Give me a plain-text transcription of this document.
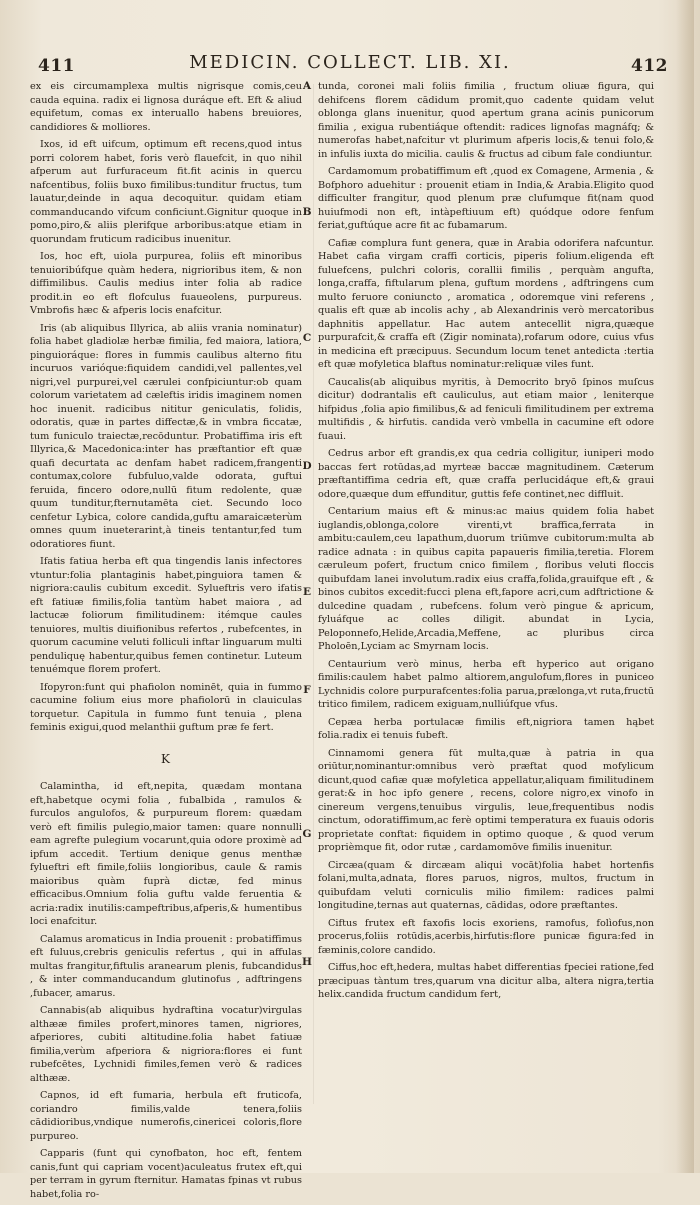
411	MEDICIN. COLLECT. LIB. XI.	412

ex eis circumamplexa multis nigrisque comis,ceu cauda equina. radix ei lignosa duráque eft. Eft & aliud equifetum, comas ex interuallo habens breuiores, candidiores & molliores.

Ixos, id eft uifcum, optimum eft recens,quod intus porri colorem habet, foris verò flauefcit, in quo nihil afperum aut furfuraceum fit.fit acinis in quercu nafcentibus, foliis buxo fimilibus:tunditur fructus, tum lauatur,deinde in aqua decoquitur. quidam etiam commanducando vifcum conficiunt.Gignitur quoque in pomo,piro,& aliis plerifque arboribus:atque etiam in quorundam fruticum radicibus inuenitur.

Ios, hoc eft, uiola purpurea, foliis eft minoribus tenuioribúfque quàm hedera, nigrioribus item, & non diffimilibus. Caulis medius inter folia ab radice prodit.in eo eft flofculus fuaueolens, purpureus. Vmbrofis hæc & afperis locis enafcitur.

Iris (ab aliquibus Illyrica, ab aliis vrania nominatur) folia habet gladiolæ herbæ fimilia, fed maiora, latiora, pinguioráque: flores in fummis caulibus alterno fitu incuruos varióque:fiquidem candidi,vel pallentes,vel nigri,vel purpurei,vel cærulei confpiciuntur:ob quam colorum varietatem ad cæleftis iridis imaginem nomen hoc inuenit. radicibus nititur geniculatis, folidis, odoratis, quæ in partes diffectæ,& in vmbra ficcatæ, tum funiculo traiectæ,recōduntur. Probatiffima iris eft Illyrica,& Macedonica:inter has præftantior eft quæ quafi decurtata ac denfam habet radicem,frangenti contumax,colore fubfuluo,valde odorata, guftui feruida, fincero odore,nullū fitum redolente, quæ quum tunditur,fternutamēta ciet. Secundo loco cenfetur Lybica, colore candida,guftu amaraicæterùm omnes quum inueterarint,à tineis tentantur,fed tum odoratiores fiunt.

Ifatis fatiua herba eft qua tingendis lanis infectores vtuntur:folia plantaginis habet,pinguiora tamen & nigriora:caulis cubitum excedit. Sylueftris vero ifatis eft fatiuæ fimilis,folia tantùm habet maiora , ad lactucæ foliorum fimilitudinem: itémque caules tenuiores, multis diuifionibus refertos , rubefcentes, in quorum cacumine veluti folliculi inftar linguarum multi penduliquę habentur,quibus femen continetur. Luteum tenuémque florem profert.

Ifopyron:funt qui phafiolon nominēt, quia in fummo cacumine folium eius more phafiolorū in clauiculas torquetur. Capitula in fummo funt tenuia , plena feminis exigui,quod melanthii guftum præ fe fert.

K

Calamintha, id eft,nepita, quædam montana eft,habetque ocymi folia , fubalbida , ramulos & furculos angulofos, & purpureum florem: quædam verò eft fimilis pulegio,maior tamen: quare nonnulli eam agrefte pulegium vocarunt,quia odore proximè ad ipfum accedit. Tertium denique genus menthæ fylueftri eft fimile,foliis longioribus, caule & ramis maioribus quàm fuprà dictæ, fed minus efficacibus.Omnium folia guftu valde feruentia & acria:radix inutilis:campeftribus,afperis,& humentibus loci enafcitur.

Calamus aromaticus in India prouenit : probatiffimus eft fuluus,crebris geniculis refertus , qui in affulas multas frangitur,fiftulis aranearum plenis, fubcandidus , & inter commanducandum glutinofus , adftringens ,fubacer, amarus.

Cannabis(ab aliquibus hydraftina vocatur)virgulas althææ fimiles profert,minores tamen, nigriores, afperiores, cubiti altitudine.folia habet fatiuæ fimilia,verùm afperiora & nigriora:flores ei funt rubefcētes, Lychnidi fimiles,femen verò & radices althææ.

Capnos, id eft fumaria, herbula eft fruticofa, coriandro fimilis,valde tenera,foliis cādidioribus,vndique numerofis,cinericei coloris,flore purpureo.

Capparis (funt qui cynofbaton, hoc eft, fentem canis,funt qui capriam vocent)aculeatus frutex eft,qui per terram in gyrum fternitur. Hamatas fpinas vt rubus habet,folia ro-

A
B
C
D
E
F
G
H

tunda, coronei mali foliis fimilia , fructum oliuæ figura, qui dehifcens florem cādidum promit,quo cadente quidam velut oblonga glans inuenitur, quod apertum grana acinis punicorum fimilia , exigua rubentiáque oftendit: radices lignofas magnáfq; & numerofas habet,nafcitur vt plurimum afperis locis,& tenui folo,& in infulis iuxta do micilia. caulis & fructus ad cibum fale condiuntur.

Cardamomum probatiffimum eft ,quod ex Comagene, Armenia , & Bofphoro aduehitur : prouenit etiam in India,& Arabia.Eligito quod difficulter frangitur, quod plenum præ clufumque fit(nam quod huiufmodi non eft, intàpeftiuum eft) quódque odore fenfum feriat,guftúque acre fit ac fubamarum.

Cafiæ complura funt genera, quæ in Arabia odorifera nafcuntur. Habet cafia virgam craffi corticis, piperis folium.eligenda eft fuluefcens, pulchri coloris, corallii fimilis , perquàm angufta, longa,craffa, fiftularum plena, guftum mordens , adftringens cum multo feruore coniuncto , aromatica , odoremque vini referens , qualis eft quæ ab incolis achy , ab Alexandrinis verò mercatoribus daphnitis appellatur. Hac autem antecellit nigra,quæque purpurafcit,& craffa eft (Zigir nominata),rofarum odore, cuius vfus in medicina eft præcipuus. Secundum locum tenet antedicta :tertia eft quæ mofyletica blaftus nominatur:reliquæ viles funt.

Caucalis(ab aliquibus myritis, à Democrito bryō ſpinos muſcus dicitur) dodrantalis eft cauliculus, aut etiam maior , leniterque hifpidus ,folia apio fimilibus,& ad feniculi fimilitudinem per extrema multifidis , & hirfutis. candida verò vmbella in cacumine eft odore fuaui.

Cedrus arbor eft grandis,ex qua cedria colligitur, iuniperi modo baccas fert rotūdas,ad myrteæ baccæ magnitudinem. Cæterum præftantiffima cedria eft, quæ craffa perlucidáque eft,& graui odore,quæque dum effunditur, guttis fefe continet,nec diffluit.

Centarium maius eft & minus:ac maius quidem folia habet iuglandis,oblonga,colore virenti,vt braffica,ferrata in ambitu:caulem,ceu lapathum,duorum triūmve cubitorum:multa ab radice adnata : in quibus capita papaueris fimilia,teretia. Florem cæruleum pofert, fructum cnico fimilem , floribus veluti floccis quibufdam lanei involutum.radix eius craffa,folida,grauifque eft , & binos cubitos excedit:fucci plena eft,fapore acri,cum adftrictione & dulcedine quadam , rubefcens. folum verò pingue & apricum, fyluáfque ac colles diligit. abundat in Lycia, Peloponnefo,Helide,Arcadia,Meffene, ac pluribus circa Pholoēn,Lyciam ac Smyrnam locis.

Centaurium verò minus, herba eft hyperico aut origano fimilis:caulem habet palmo altiorem,angulofum,flores in puniceo Lychnidis colore purpurafcentes:folia parua,prælonga,vt ruta,fructū tritico fimilem, radicem exiguam,nulliúfque vfus.

Cepæa herba portulacæ fimilis eft,nigriora tamen hąbet folia.radix ei tenuis fubeft.

Cinnamomi genera fūt multa,quæ à patria in qua oriūtur,nominantur:omnibus verò præftat quod mofylicum dicunt,quod cafiæ quæ mofyletica appellatur,aliquam fimilitudinem gerat:& in hoc ipfo genere , recens, colore nigro,ex vinofo in cinereum vergens,tenuibus virgulis, leue,frequentibus nodis cinctum, odoratiffimum,ac ferè optimi temperatura ex fuauis odoris proprietate conftat: fiquidem in optimo quoque , & quod verum proprièmque fit, odor rutæ , cardamomōve fimilis inuenitur.

Circæa(quam & dircæam aliqui vocāt)folia habet hortenfis folani,multa,adnata, flores paruos, nigros, multos, fructum in quibufdam veluti corniculis milio fimilem: radices palmi longitudine,ternas aut quaternas, cādidas, odore præftantes.

Ciftus frutex eft faxofis locis exoriens, ramofus, folìofus,non procerus,foliis rotūdis,acerbis,hirfutis:flore punicæ figura:fed in fæminis,colore candido.

Ciffus,hoc eft,hedera, multas habet differentias fpeciei ratione,fed præcipuas tàntum tres,quarum vna dicitur alba, altera nigra,tertia helix.candida fructum candidum fert,
